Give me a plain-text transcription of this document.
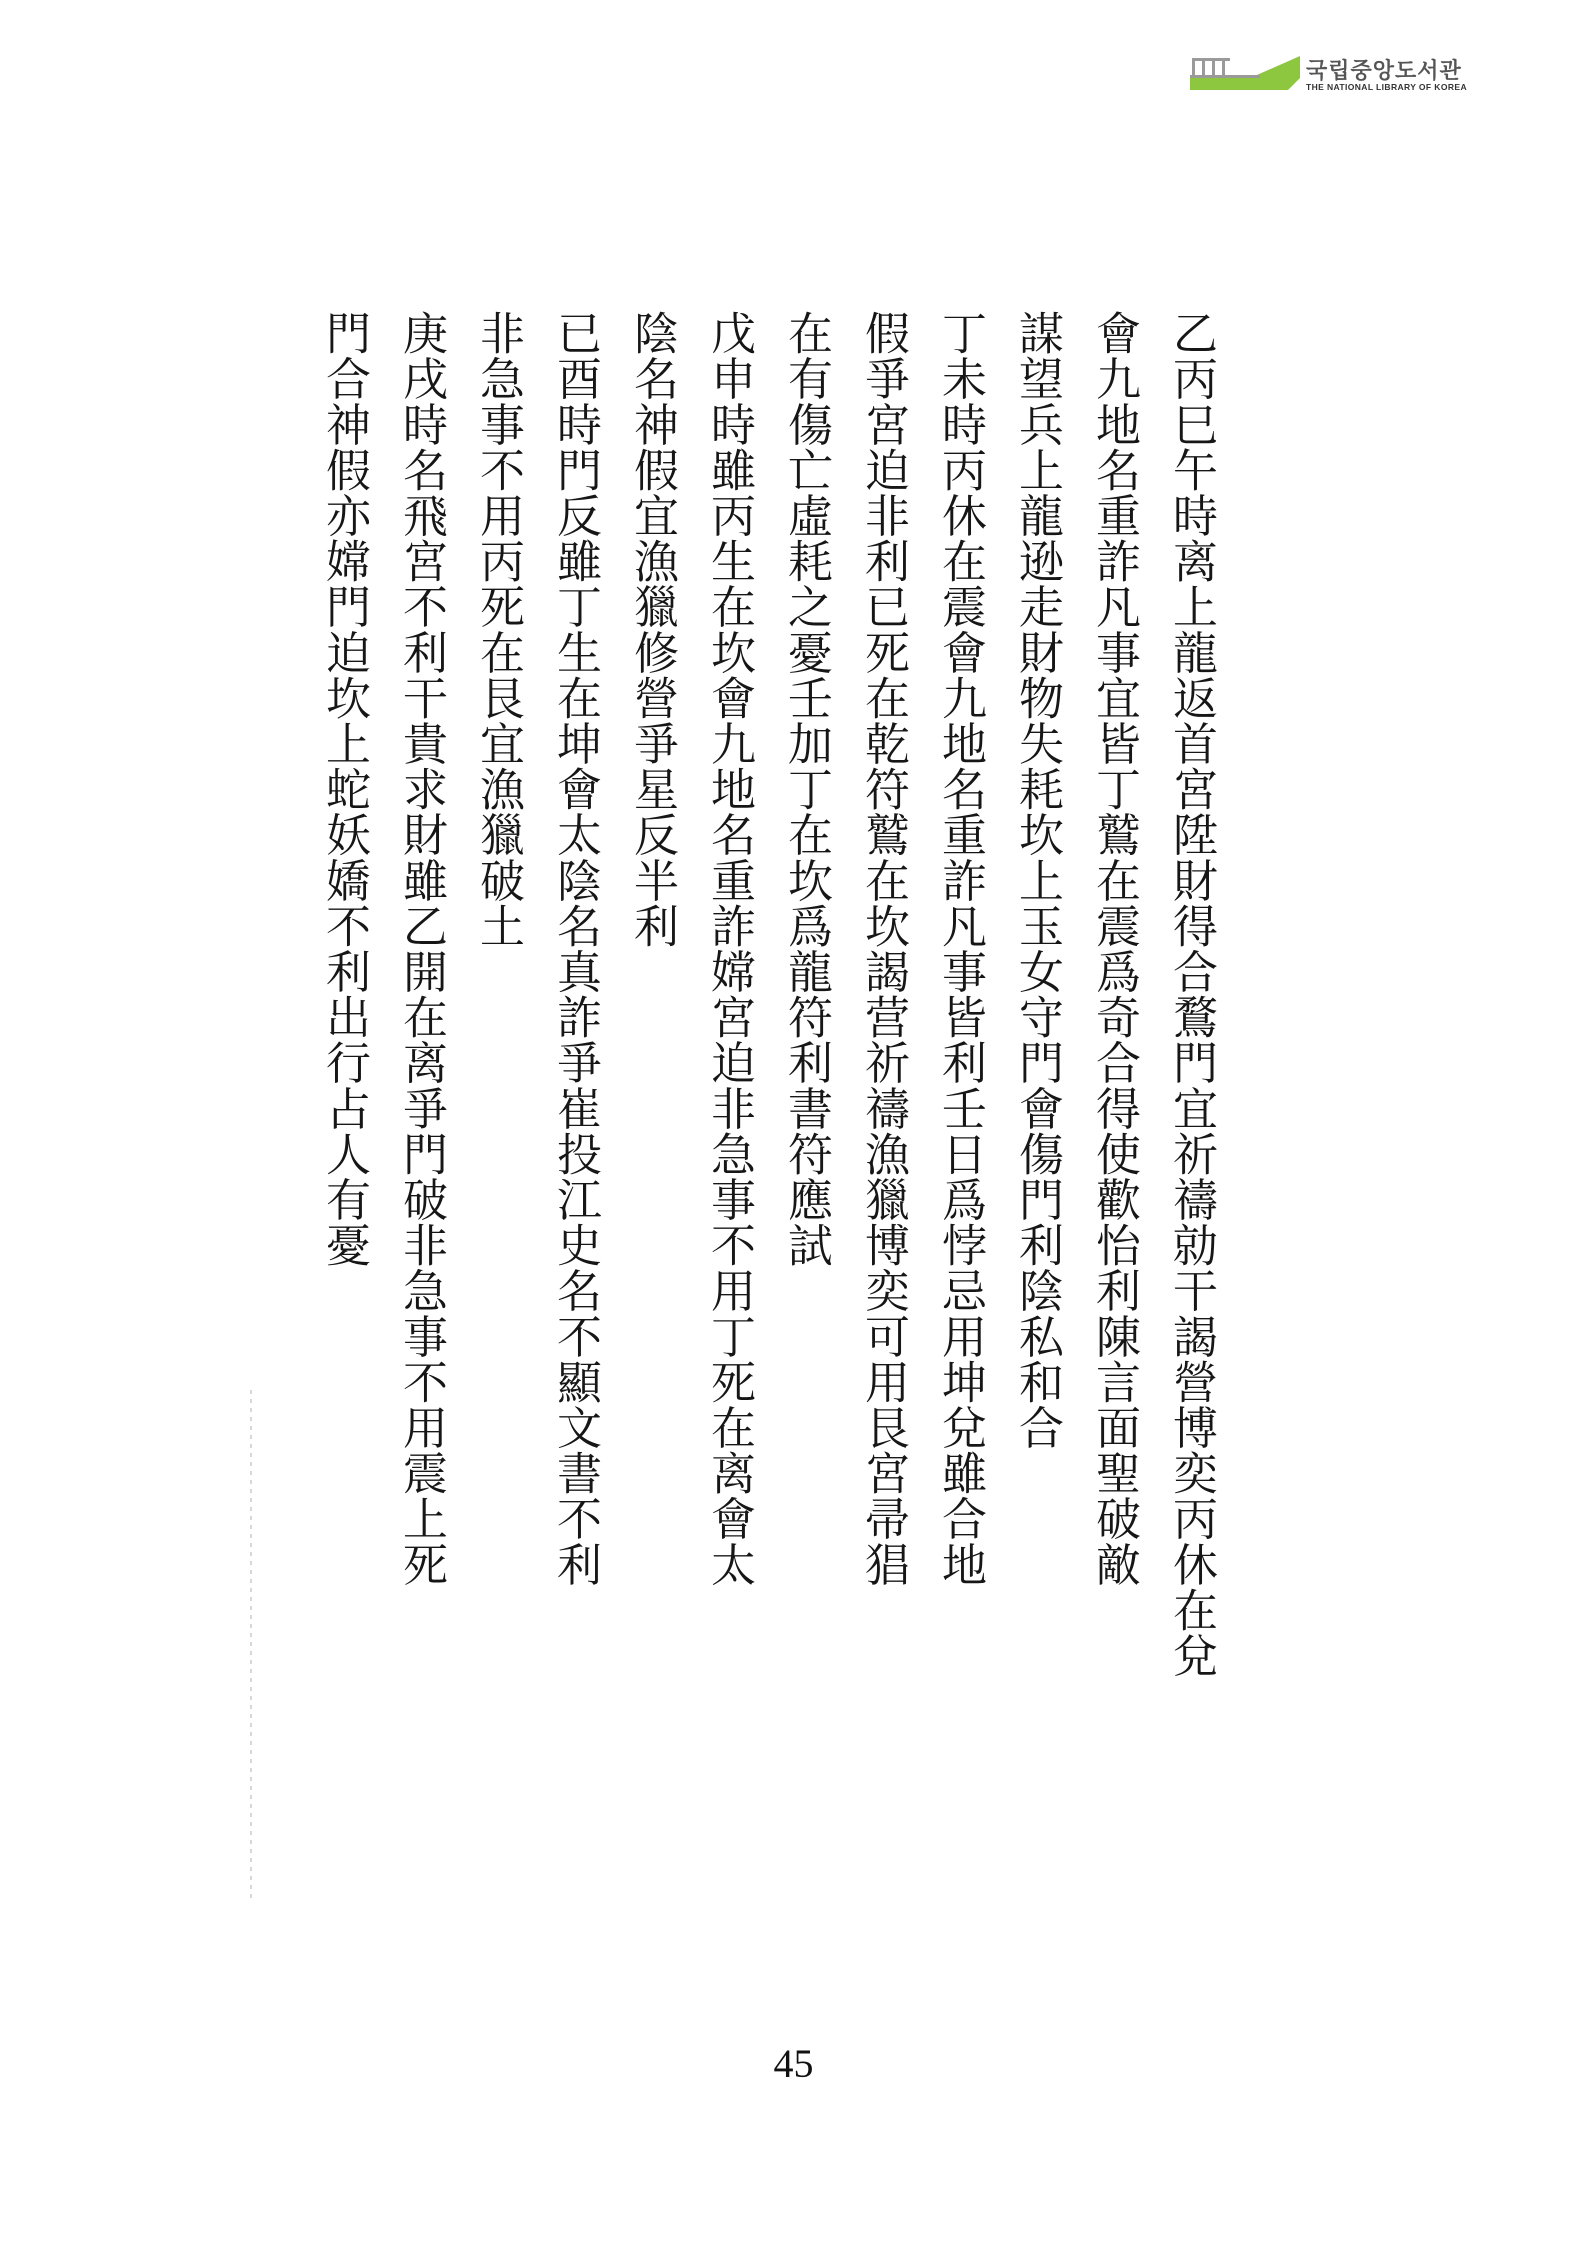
국립중앙도서관
THE NATIONAL LIBRARY OF KOREA
乙丙巳午時离上龍返首宮陞財得合鶩門宜祈禱勍干謁營博奕丙休在兌
會九地名重詐凡事宜皆丁鷲在震爲奇合得使歡怡利陳言面聖破敵
謀望兵上龍逊走財物失耗坎上玉女守門會傷門利陰私和合
丁未時丙休在震會九地名重詐凡事皆利壬日爲悖忌用坤兌雖合地
假爭宮迫非利已死在乾符鷲在坎謁营祈禱漁獵博奕可用艮宮帚猖
在有傷亡虛耗之憂壬加丁在坎爲龍符利書符應試
戊申時雖丙生在坎會九地名重詐嫦宮迫非急事不用丁死在离會太
陰名神假宜漁獵修營爭星反半利
已酉時門反雖丁生在坤會太陰名真詐爭崔投江史名不顯文書不利
非急事不用丙死在艮宜漁獵破土
庚戌時名飛宮不利干貴求財雖乙開在离爭門破非急事不用震上死
門合神假亦嫦門迫坎上蛇妖嬌不利出行占人有憂
45
